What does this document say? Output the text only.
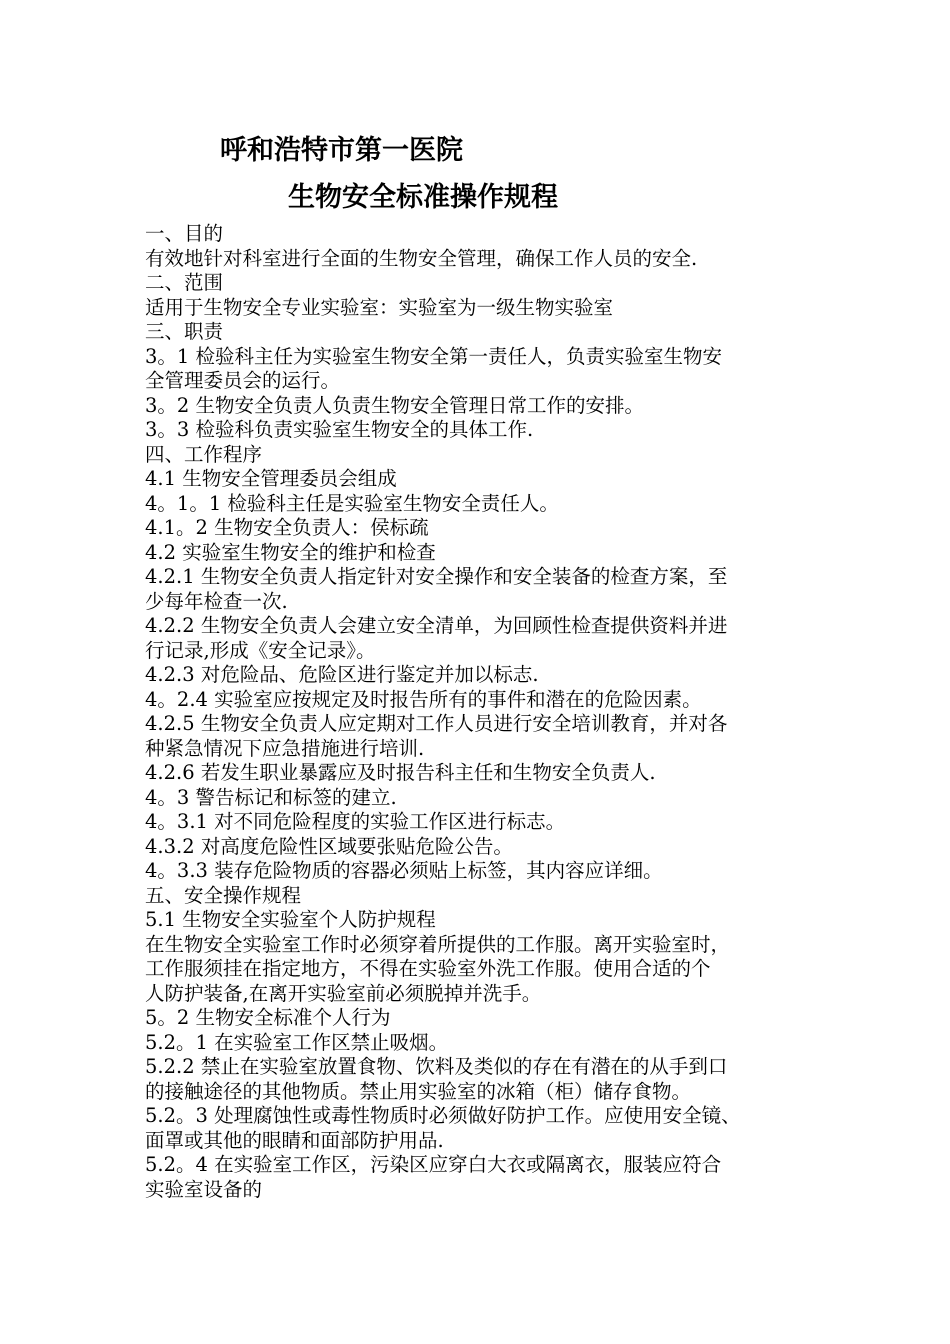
呼和浩特市第一医院
生物安全标准操作规程
一、目的
有效地针对科室进行全面的生物安全管理，确保工作人员的安全.
二、范围
适用于生物安全专业实验室：实验室为一级生物实验室
三、职责
3。1 检验科主任为实验室生物安全第一责任人，负责实验室生物安
全管理委员会的运行。
3。2 生物安全负责人负责生物安全管理日常工作的安排。
3。3 检验科负责实验室生物安全的具体工作.
四、工作程序
4.1 生物安全管理委员会组成
4。1。1 检验科主任是实验室生物安全责任人。
4.1。2 生物安全负责人：侯标疏
4.2 实验室生物安全的维护和检查
4.2.1 生物安全负责人指定针对安全操作和安全装备的检查方案，至
少每年检查一次.
4.2.2 生物安全负责人会建立安全清单，为回顾性检查提供资料并进
行记录,形成《安全记录》。
4.2.3 对危险品、危险区进行鉴定并加以标志.
4。2.4 实验室应按规定及时报告所有的事件和潜在的危险因素。
4.2.5 生物安全负责人应定期对工作人员进行安全培训教育，并对各
种紧急情况下应急措施进行培训.
4.2.6 若发生职业暴露应及时报告科主任和生物安全负责人.
4。3 警告标记和标签的建立.
4。3.1 对不同危险程度的实验工作区进行标志。
4.3.2 对高度危险性区域要张贴危险公告。
4。3.3 装存危险物质的容器必须贴上标签，其内容应详细。
五、安全操作规程
5.1 生物安全实验室个人防护规程
在生物安全实验室工作时必须穿着所提供的工作服。离开实验室时，
工作服须挂在指定地方，不得在实验室外洗工作服。使用合适的个
人防护装备,在离开实验室前必须脱掉并洗手。
5。2 生物安全标准个人行为
5.2。1 在实验室工作区禁止吸烟。
5.2.2 禁止在实验室放置食物、饮料及类似的存在有潜在的从手到口
的接触途径的其他物质。禁止用实验室的冰箱（柜）储存食物。
5.2。3 处理腐蚀性或毒性物质时必须做好防护工作。应使用安全镜、
面罩或其他的眼睛和面部防护用品.
5.2。4 在实验室工作区，污染区应穿白大衣或隔离衣，服装应符合
实验室设备的
